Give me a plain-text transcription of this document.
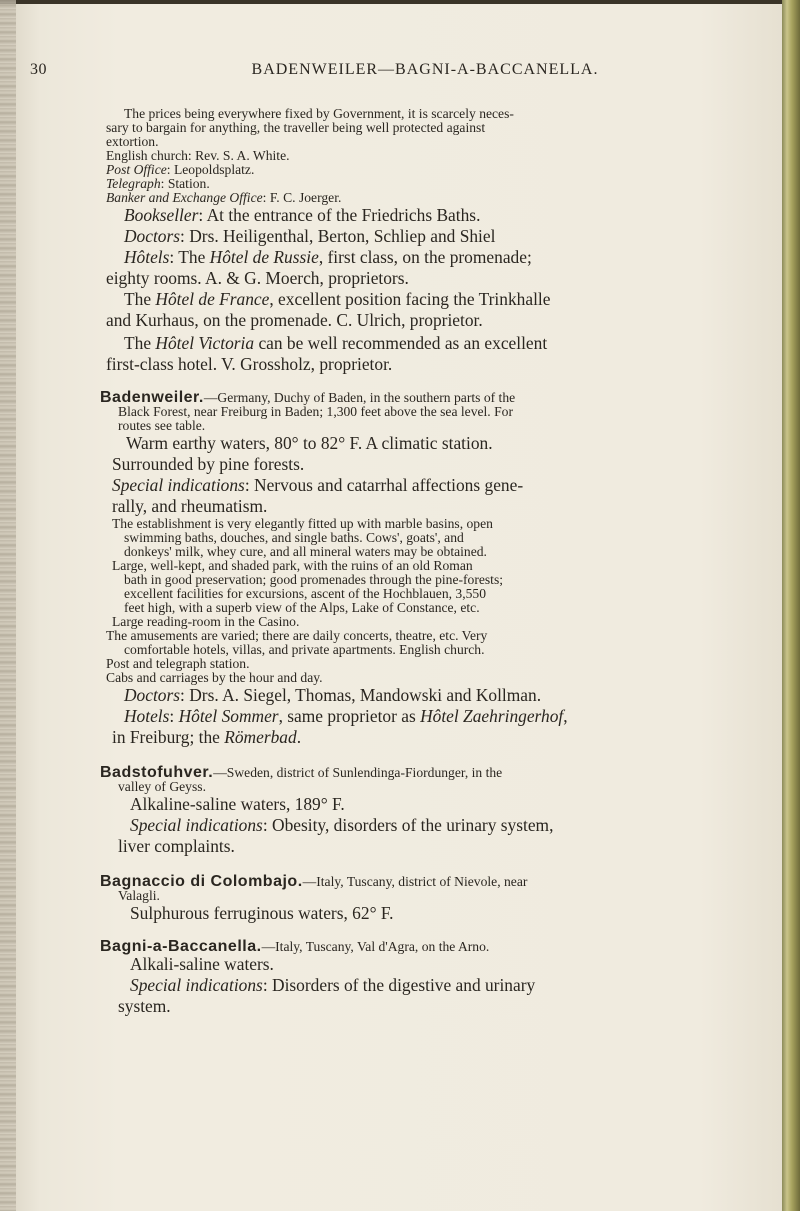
30	BADENWEILER—BAGNI-A-BACCANELLA.

The prices being everywhere fixed by Government, it is scarcely neces-

sary to bargain for anything, the traveller being well protected against

extortion.

English church: Rev. S. A. White.

Post Office: Leopoldsplatz.

Telegraph: Station.

Banker and Exchange Office: F. C. Joerger.

Bookseller: At the entrance of the Friedrichs Baths.

Doctors: Drs. Heiligenthal, Berton, Schliep and Shiel

Hôtels: The Hôtel de Russie, first class, on the promenade;

eighty rooms. A. & G. Moerch, proprietors.

The Hôtel de France, excellent position facing the Trinkhalle

and Kurhaus, on the promenade. C. Ulrich, proprietor.

The Hôtel Victoria can be well recommended as an excellent

first-class hotel. V. Grossholz, proprietor.

Badenweiler.—Germany, Duchy of Baden, in the southern parts of the

Black Forest, near Freiburg in Baden; 1,300 feet above the sea level. For

routes see table.

Warm earthy waters, 80° to 82° F. A climatic station.

Surrounded by pine forests.

Special indications: Nervous and catarrhal affections gene-

rally, and rheumatism.

The establishment is very elegantly fitted up with marble basins, open

swimming baths, douches, and single baths. Cows', goats', and

donkeys' milk, whey cure, and all mineral waters may be obtained.

Large, well-kept, and shaded park, with the ruins of an old Roman

bath in good preservation; good promenades through the pine-forests;

excellent facilities for excursions, ascent of the Hochblauen, 3,550

feet high, with a superb view of the Alps, Lake of Constance, etc.

Large reading-room in the Casino.

The amusements are varied; there are daily concerts, theatre, etc. Very

comfortable hotels, villas, and private apartments. English church.

Post and telegraph station.

Cabs and carriages by the hour and day.

Doctors: Drs. A. Siegel, Thomas, Mandowski and Kollman.

Hotels: Hôtel Sommer, same proprietor as Hôtel Zaehringerhof,

in Freiburg; the Römerbad.

Badstofuhver.—Sweden, district of Sunlendinga-Fiordunger, in the

valley of Geyss.

Alkaline-saline waters, 189° F.

Special indications: Obesity, disorders of the urinary system,

liver complaints.

Bagnaccio di Colombajo.—Italy, Tuscany, district of Nievole, near

Valagli.

Sulphurous ferruginous waters, 62° F.

Bagni-a-Baccanella.—Italy, Tuscany, Val d'Agra, on the Arno.

Alkali-saline waters.

Special indications: Disorders of the digestive and urinary

system.
